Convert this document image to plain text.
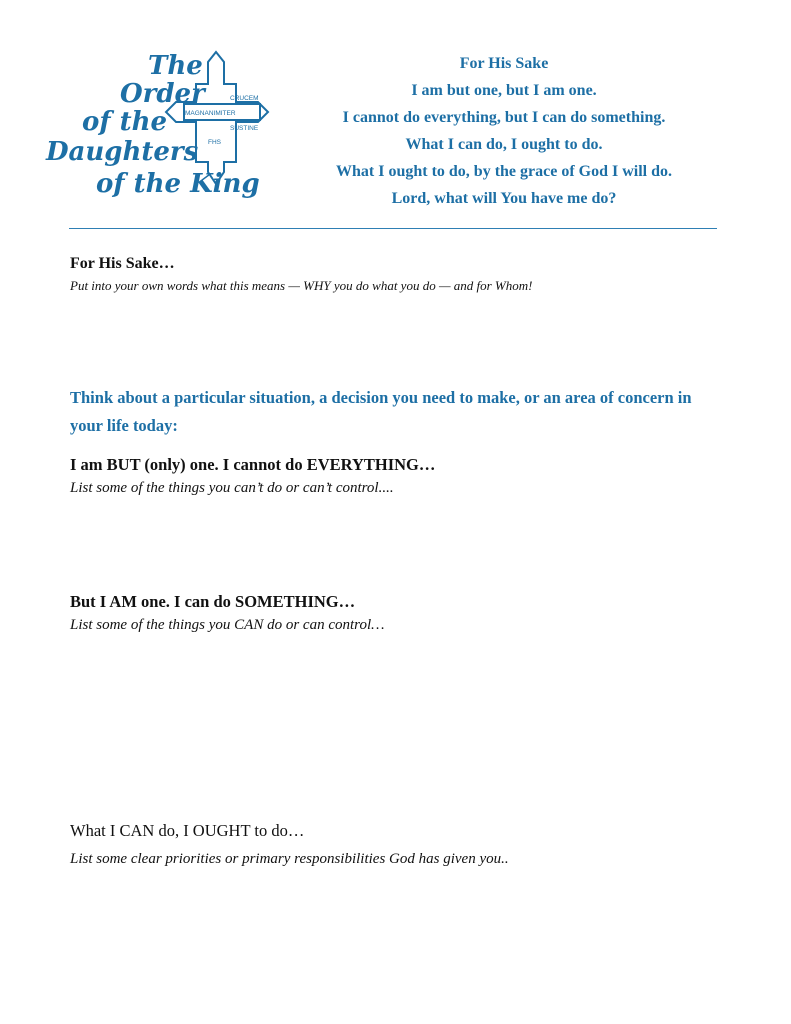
The
Order
of the
Daughters
of the King
MAGNANIMITER
CRUCEM
SUSTINE
FHS
For His Sake
I am but one, but I am one.
I cannot do everything, but I can do something.
What I can do, I ought to do.
What I ought to do, by the grace of God I will do.
Lord, what will You have me do?
For His Sake…
Put into your own words what this means — WHY you do what you do — and for Whom!
Think about a particular situation, a decision you need to make, or an area of concern in your life today:
I am BUT (only) one. I cannot do EVERYTHING…
List some of the things you can’t do or can’t control....
But I AM one. I can do SOMETHING…
List some of the things you CAN do or can control…
What I CAN do, I OUGHT to do…
List some clear priorities or primary responsibilities God has given you..
